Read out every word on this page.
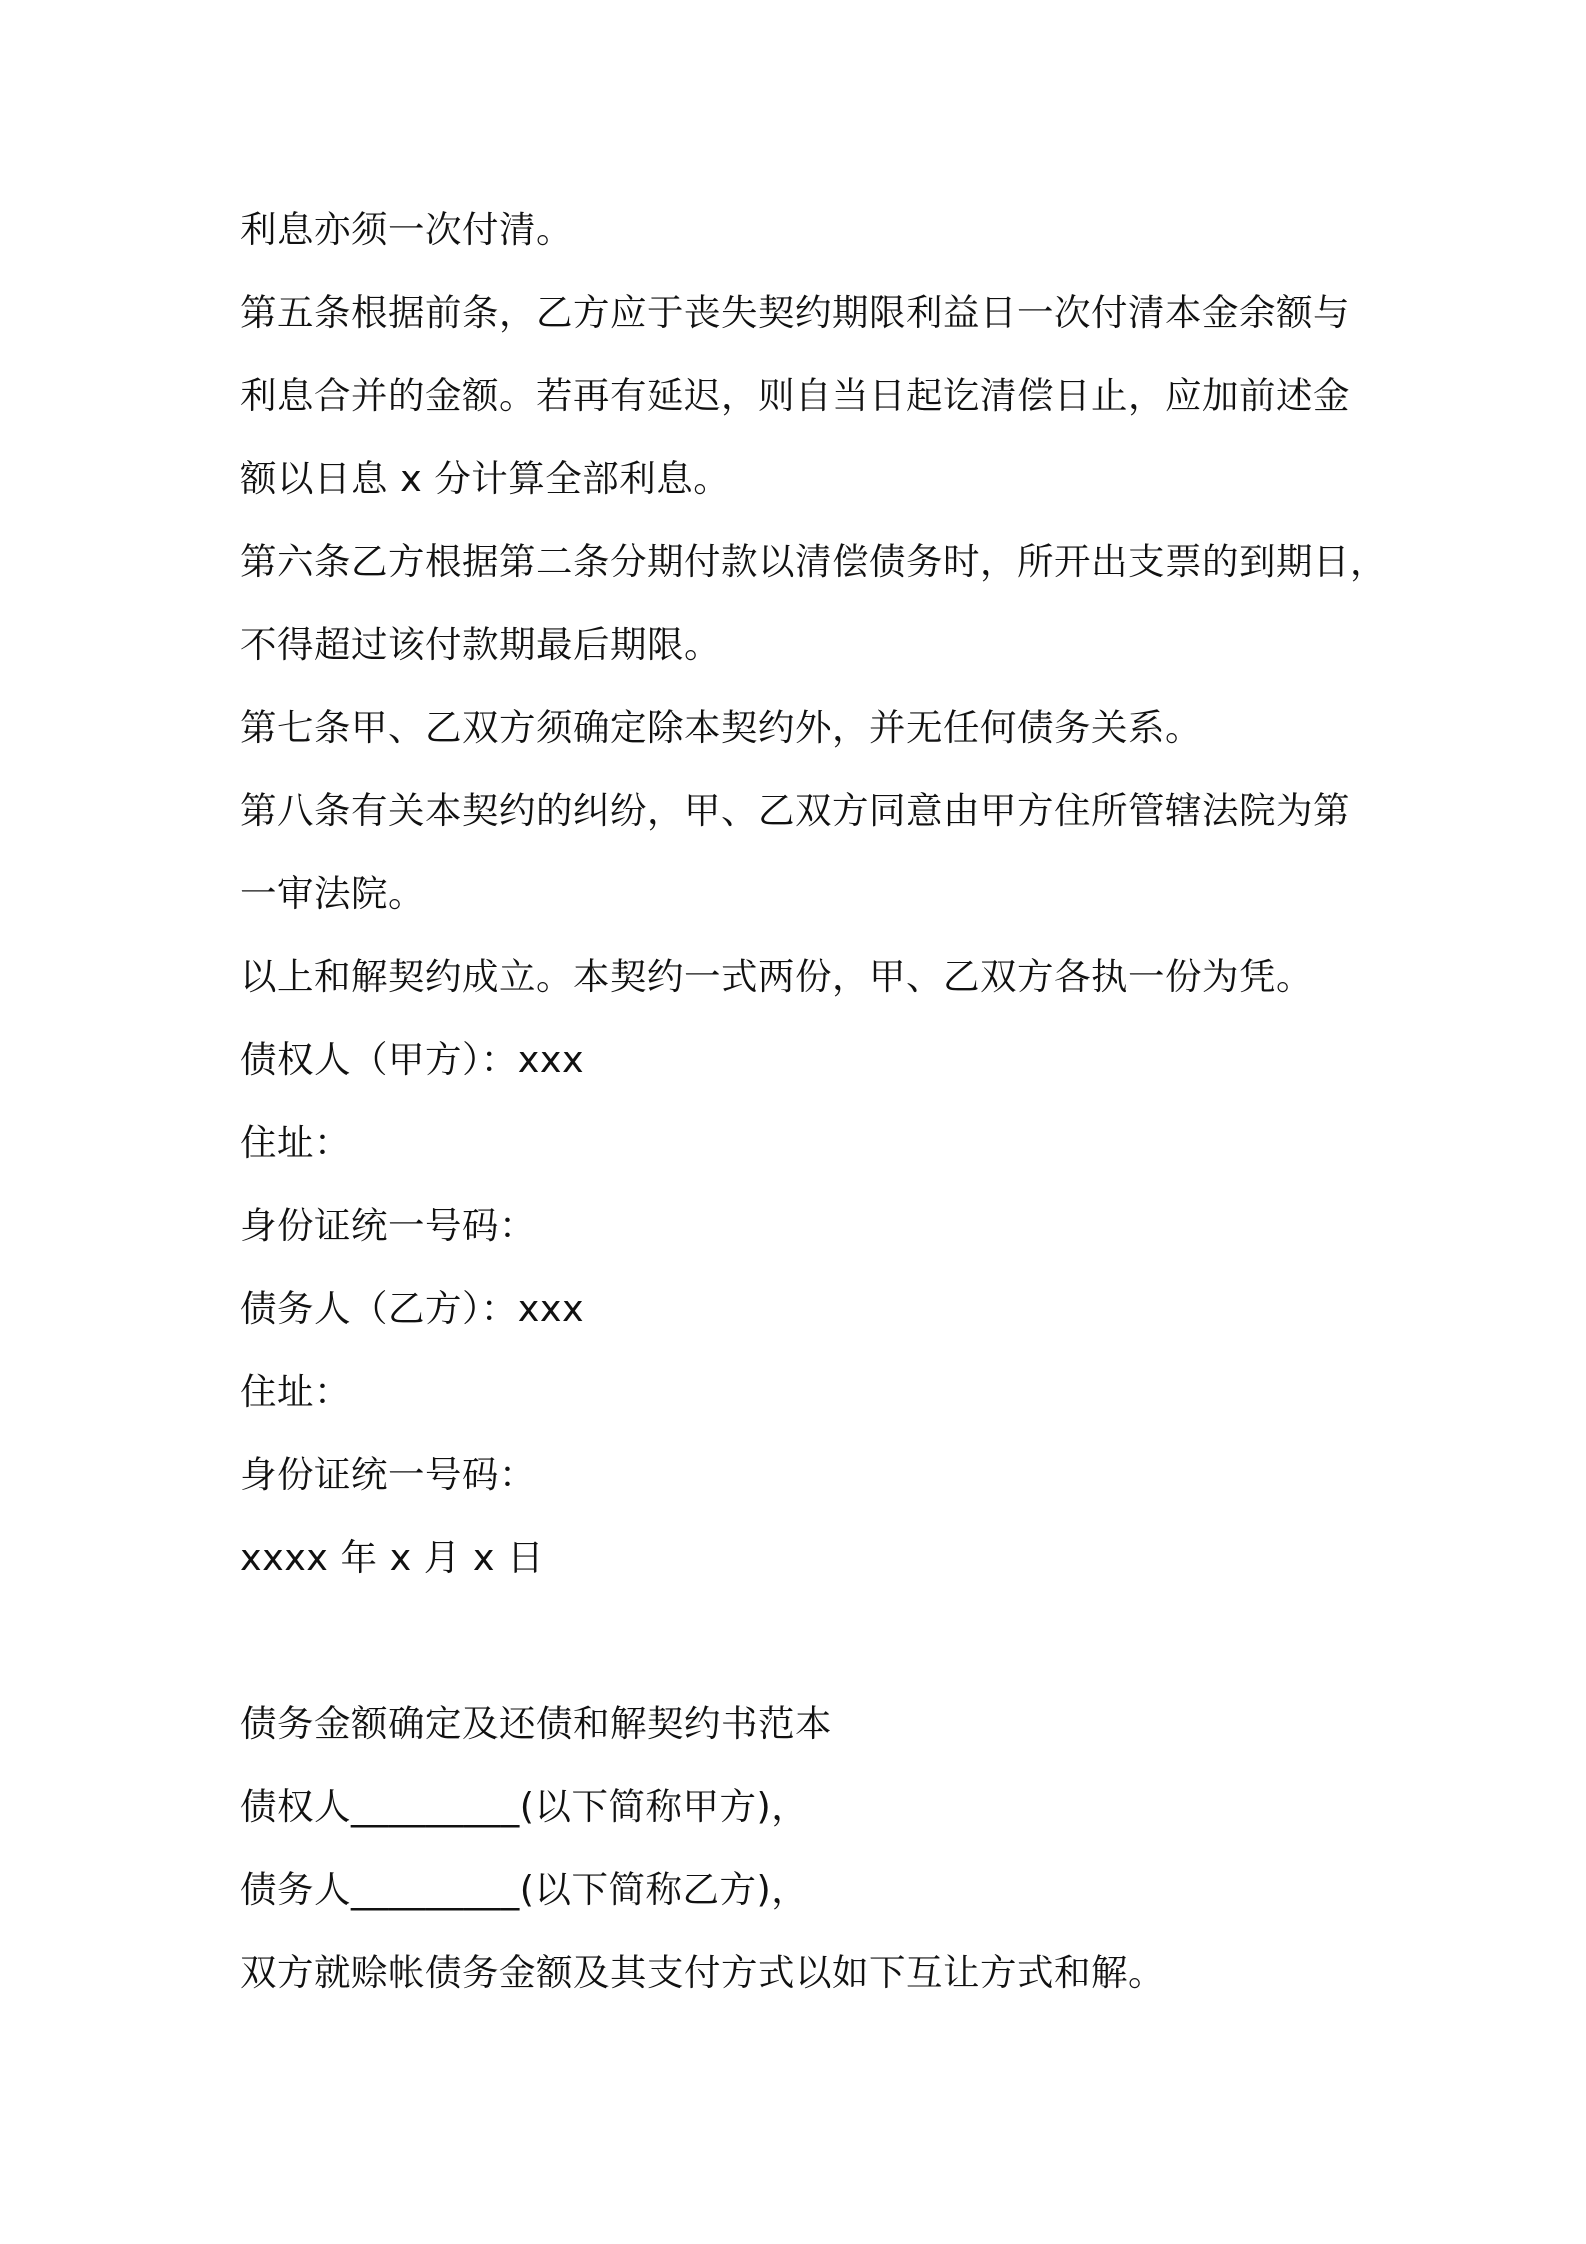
利息亦须一次付清。
第五条根据前条，乙方应于丧失契约期限利益日一次付清本金余额与
利息合并的金额。若再有延迟，则自当日起讫清偿日止，应加前述金
额以日息 x 分计算全部利息。
第六条乙方根据第二条分期付款以清偿债务时，所开出支票的到期日，
不得超过该付款期最后期限。
第七条甲、乙双方须确定除本契约外，并无任何债务关系。
第八条有关本契约的纠纷，甲、乙双方同意由甲方住所管辖法院为第
一审法院。
以上和解契约成立。本契约一式两份，甲、乙双方各执一份为凭。
债权人（甲方）：xxx
住址：
身份证统一号码：
债务人（乙方）：xxx
住址：
身份证统一号码：
xxxx 年 x 月 x 日
债务金额确定及还债和解契约书范本
债权人_________(以下简称甲方)，
债务人_________(以下简称乙方)，
双方就赊帐债务金额及其支付方式以如下互让方式和解。
